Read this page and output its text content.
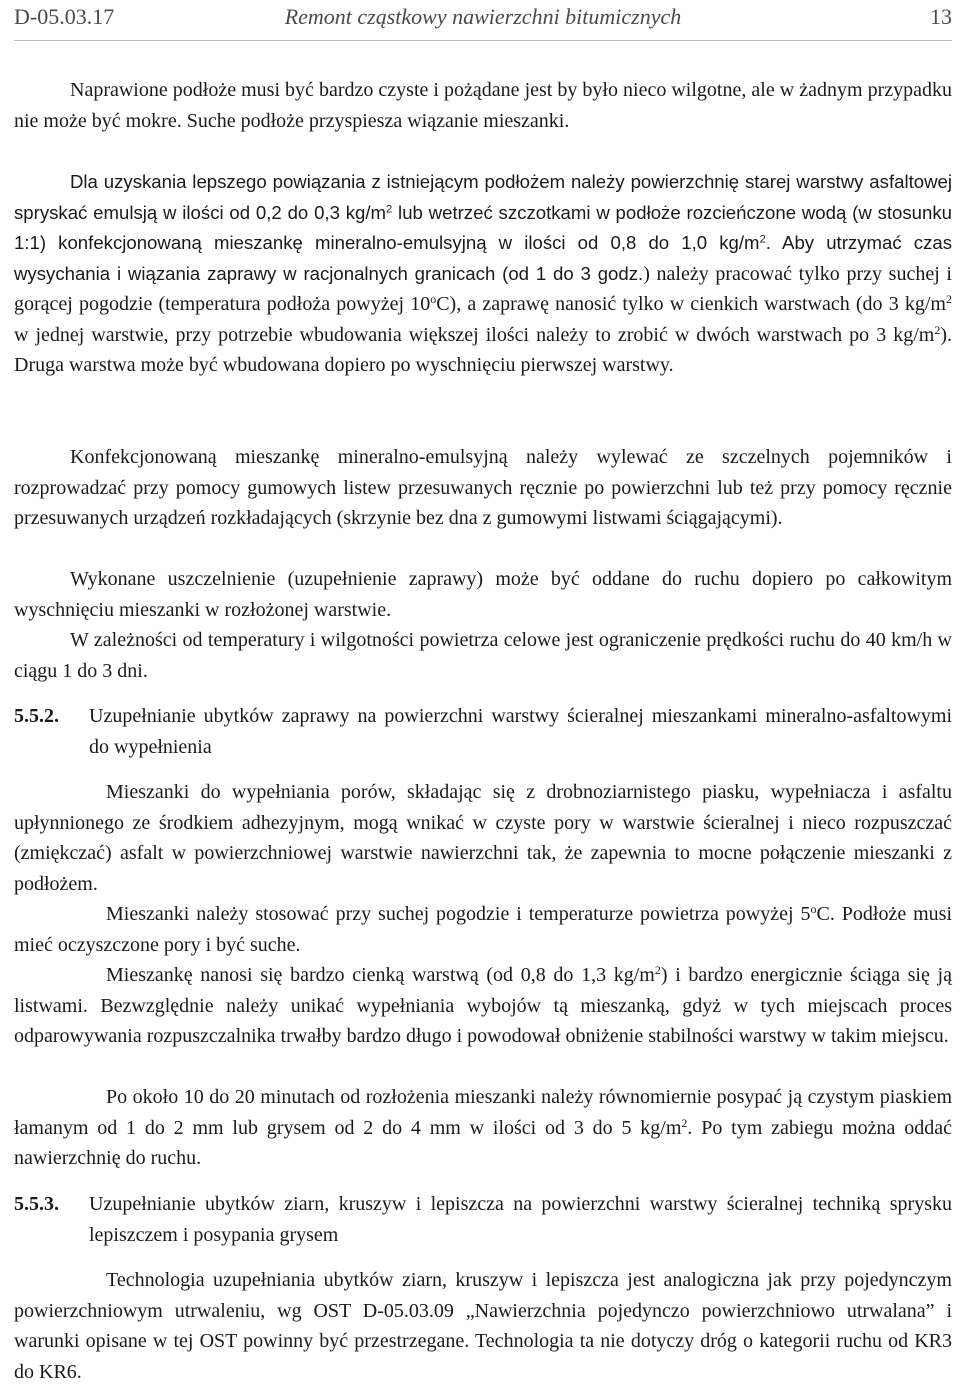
D-05.03.17	Remont cząstkowy nawierzchni bitumicznych	13

Naprawione podłoże musi być bardzo czyste i pożądane jest by było nieco wilgotne, ale w żadnym przypadku nie może być mokre. Suche podłoże przyspiesza wiązanie mieszanki.

Dla uzyskania lepszego powiązania z istniejącym podłożem należy powierzchnię starej warstwy asfaltowej spryskać emulsją w ilości od 0,2 do 0,3 $kg/m^2$ lub wetrzeć szczotkami w podłoże rozcieńczone wodą (w stosunku 1:1) konfekcjonowaną mieszankę mineralno-emulsyjną w ilości od 0,8 do 1,0 $kg/m^2$. Aby utrzymać czas wysychania i wiązania zaprawy w racjonalnych granicach (od 1 do 3 godz.) należy pracować tylko przy suchej i gorącej pogodzie (temperatura podłoża powyżej 10$^o$C), a zaprawę nanosić tylko w cienkich warstwach (do 3 $kg/m^2$ w jednej warstwie, przy potrzebie wbudowania większej ilości należy to zrobić w dwóch warstwach po 3 $kg/m^2$). Druga warstwa może być wbudowana dopiero po wyschnięciu pierwszej warstwy.

Konfekcjonowaną mieszankę mineralno-emulsyjną należy wylewać ze szczelnych pojemników i rozprowadzać przy pomocy gumowych listew przesuwanych ręcznie po powierzchni lub też przy pomocy ręcznie przesuwanych urządzeń rozkładających (skrzynie bez dna z gumowymi listwami ściągającymi).

Wykonane uszczelnienie (uzupełnienie zaprawy) może być oddane do ruchu dopiero po całkowitym wyschnięciu mieszanki w rozłożonej warstwie.

W zależności od temperatury i wilgotności powietrza celowe jest ograniczenie prędkości ruchu do 40 km/h w ciągu 1 do 3 dni.

5.5.2. Uzupełnianie ubytków zaprawy na powierzchni warstwy ścieralnej mieszankami mineralno-asfaltowymi do wypełnienia

Mieszanki do wypełniania porów, składając się z drobnoziarnistego piasku, wypełniacza i asfaltu upłynnionego ze środkiem adhezyjnym, mogą wnikać w czyste pory w warstwie ścieralnej i nieco rozpuszczać (zmiękczać) asfalt w powierzchniowej warstwie nawierzchni tak, że zapewnia to mocne połączenie mieszanki z podłożem.

Mieszanki należy stosować przy suchej pogodzie i temperaturze powietrza powyżej 5$^o$C. Podłoże musi mieć oczyszczone pory i być suche.

Mieszankę nanosi się bardzo cienką warstwą (od 0,8 do 1,3 $kg/m^2$) i bardzo energicznie ściąga się ją listwami. Bezwzględnie należy unikać wypełniania wybojów tą mieszanką, gdyż w tych miejscach proces odparowywania rozpuszczalnika trwałby bardzo długo i powodował obniżenie stabilności warstwy w takim miejscu.

Po około 10 do 20 minutach od rozłożenia mieszanki należy równomiernie posypać ją czystym piaskiem łamanym od 1 do 2 mm lub grysem od 2 do 4 mm w ilości od 3 do 5 $kg/m^2$. Po tym zabiegu można oddać nawierzchnię do ruchu.

5.5.3. Uzupełnianie ubytków ziarn, kruszyw i lepiszcza na powierzchni warstwy ścieralnej techniką sprysku lepiszczem i posypania grysem

Technologia uzupełniania ubytków ziarn, kruszyw i lepiszcza jest analogiczna jak przy pojedynczym powierzchniowym utrwaleniu, wg OST D-05.03.09 „Nawierzchnia pojedynczo powierzchniowo utrwalana” i warunki opisane w tej OST powinny być przestrzegane. Technologia ta nie dotyczy dróg o kategorii ruchu od KR3 do KR6.
